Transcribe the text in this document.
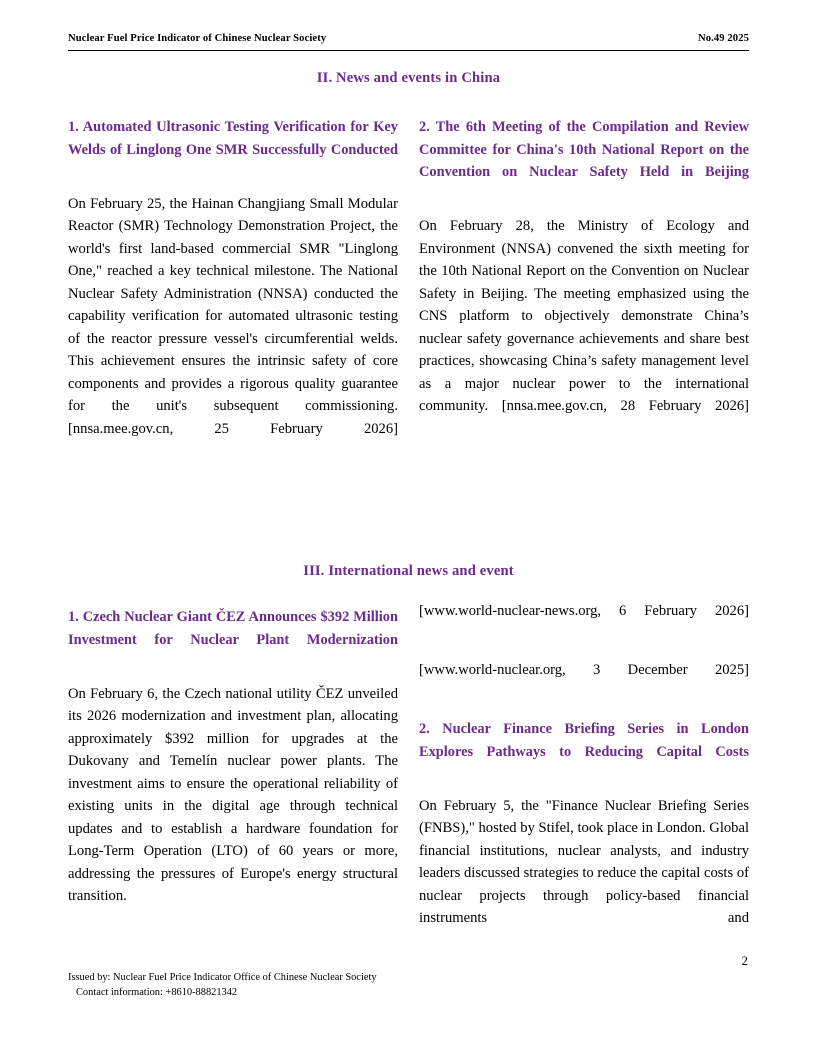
Nuclear Fuel Price Indicator of Chinese Nuclear Society	No.49 2025
II. News and events in China
1. Automated Ultrasonic Testing Verification for Key Welds of Linglong One SMR Successfully Conducted

On February 25, the Hainan Changjiang Small Modular Reactor (SMR) Technology Demonstration Project, the world's first land-based commercial SMR "Linglong One," reached a key technical milestone. The National Nuclear Safety Administration (NNSA) conducted the capability verification for automated ultrasonic testing of the reactor pressure vessel's circumferential welds. This achievement ensures the intrinsic safety of core components and provides a rigorous quality guarantee for the unit's subsequent commissioning. [nnsa.mee.gov.cn, 25 February 2026]

2. The 6th Meeting of the Compilation and Review Committee for China's 10th National Report on the Convention on Nuclear Safety Held in Beijing

On February 28, the Ministry of Ecology and Environment (NNSA) convened the sixth meeting for the 10th National Report on the Convention on Nuclear Safety in Beijing. The meeting emphasized using the CNS platform to objectively demonstrate China’s nuclear safety governance achievements and share best practices, showcasing China’s safety management level as a major nuclear power to the international community. [nnsa.mee.gov.cn, 28 February 2026]

III. International news and event
1. Czech Nuclear Giant ČEZ Announces $392 Million Investment for Nuclear Plant Modernization

On February 6, the Czech national utility ČEZ unveiled its 2026 modernization and investment plan, allocating approximately $392 million for upgrades at the Dukovany and Temelín nuclear power plants. The investment aims to ensure the operational reliability of existing units in the digital age through technical updates and to establish a hardware foundation for Long-Term Operation (LTO) of 60 years or more, addressing the pressures of Europe's energy structural transition.

[www.world-nuclear-news.org, 6 February 2026]

[www.world-nuclear.org, 3 December 2025]

2. Nuclear Finance Briefing Series in London Explores Pathways to Reducing Capital Costs

On February 5, the "Finance Nuclear Briefing Series (FNBS)," hosted by Stifel, took place in London. Global financial institutions, nuclear analysts, and industry leaders discussed strategies to reduce the capital costs of nuclear projects through policy-based financial instruments and

2
Issued by: Nuclear Fuel Price Indicator Office of Chinese Nuclear Society
Contact information: +8610-88821342
